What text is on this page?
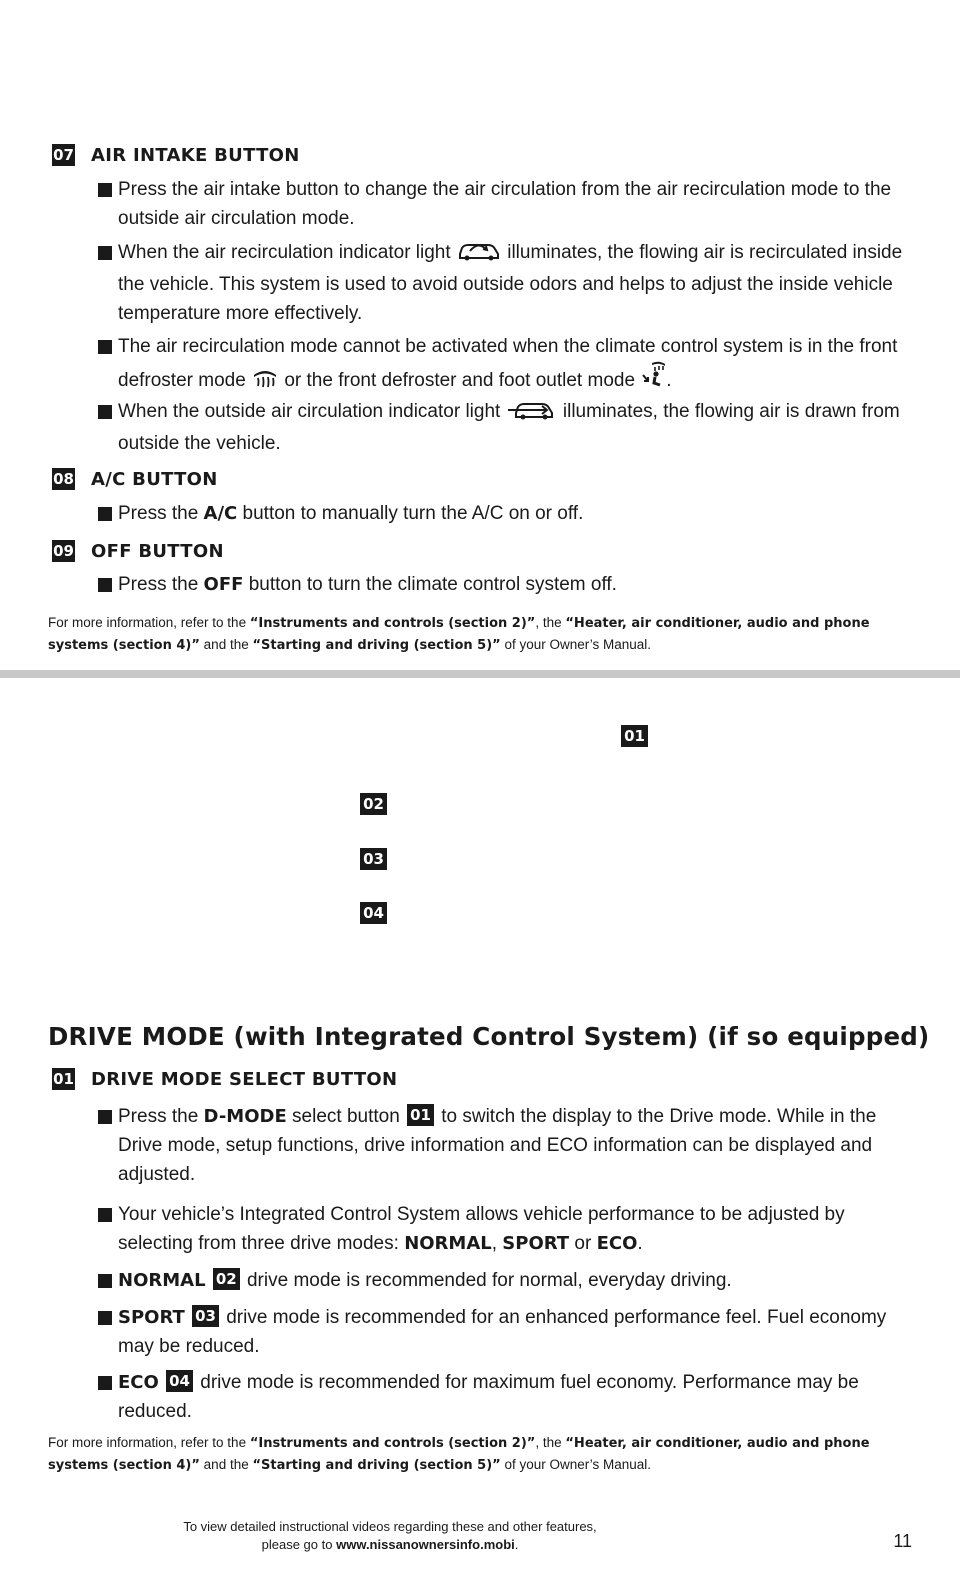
07 AIR INTAKE BUTTON
Press the air intake button to change the air circulation from the air recirculation mode to the outside air circulation mode.
When the air recirculation indicator light	illuminates, the flowing air is recirculated inside the vehicle. This system is used to avoid outside odors and helps to adjust the inside vehicle temperature more effectively.
The air recirculation mode cannot be activated when the climate control system is in the front defroster mode or the front defroster and foot outlet mode .
When the outside air circulation indicator light	illuminates, the flowing air is drawn from outside the vehicle.
08 A/C BUTTON
Press the A/C button to manually turn the A/C on or off.
09 OFF BUTTON
Press the OFF button to turn the climate control system off.
For more information, refer to the “Instruments and controls (section 2)”, the “Heater, air conditioner, audio and phone systems (section 4)” and the “Starting and driving (section 5)” of your Owner’s Manual.
01
02
03
04
DRIVE MODE (with Integrated Control System) (if so equipped)
01 DRIVE MODE SELECT BUTTON
Press the D-MODE select button 01 to switch the display to the Drive mode. While in the Drive mode, setup functions, drive information and ECO information can be displayed and adjusted.
Your vehicle’s Integrated Control System allows vehicle performance to be adjusted by selecting from three drive modes: NORMAL, SPORT or ECO.
NORMAL 02 drive mode is recommended for normal, everyday driving.
SPORT 03 drive mode is recommended for an enhanced performance feel. Fuel economy may be reduced.
ECO 04 drive mode is recommended for maximum fuel economy. Performance may be reduced.
For more information, refer to the “Instruments and controls (section 2)”, the “Heater, air conditioner, audio and phone systems (section 4)” and the “Starting and driving (section 5)” of your Owner’s Manual.
To view detailed instructional videos regarding these and other features,
please go to www.nissanownersinfo.mobi.	11
